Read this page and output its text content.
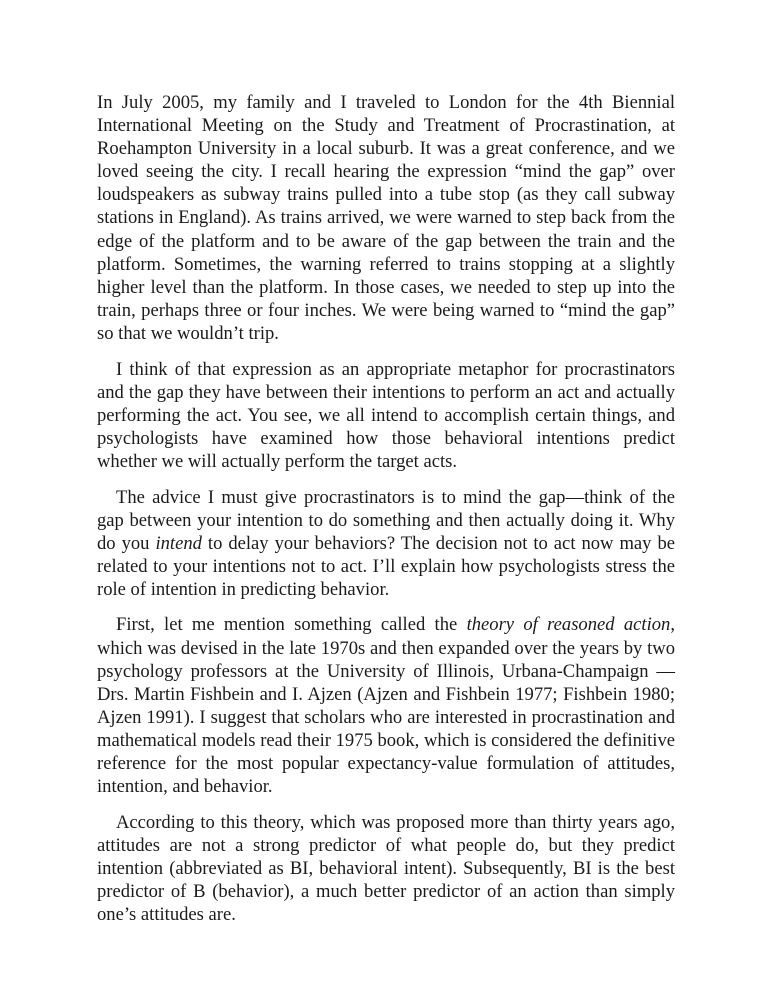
In July 2005, my family and I traveled to London for the 4th Biennial International Meeting on the Study and Treatment of Procrastination, at Roehampton University in a local suburb. It was a great conference, and we loved seeing the city. I recall hearing the expression “mind the gap” over loudspeakers as subway trains pulled into a tube stop (as they call subway stations in England). As trains arrived, we were warned to step back from the edge of the platform and to be aware of the gap between the train and the platform. Sometimes, the warning referred to trains stopping at a slightly higher level than the platform. In those cases, we needed to step up into the train, perhaps three or four inches. We were being warned to “mind the gap” so that we wouldn’t trip.

I think of that expression as an appropriate metaphor for procrastinators and the gap they have between their intentions to perform an act and actually performing the act. You see, we all intend to accomplish certain things, and psychologists have examined how those behavioral intentions predict whether we will actually perform the target acts.

The advice I must give procrastinators is to mind the gap—think of the gap between your intention to do something and then actually doing it. Why do you intend to delay your behaviors? The decision not to act now may be related to your intentions not to act. I’ll explain how psychologists stress the role of intention in predicting behavior.

First, let me mention something called the theory of reasoned action, which was devised in the late 1970s and then expanded over the years by two psychology professors at the University of Illinois, Urbana-Champaign —Drs. Martin Fishbein and I. Ajzen (Ajzen and Fishbein 1977; Fishbein 1980; Ajzen 1991). I suggest that scholars who are interested in procrastination and mathematical models read their 1975 book, which is considered the definitive reference for the most popular expectancy-value formulation of attitudes, intention, and behavior.

According to this theory, which was proposed more than thirty years ago, attitudes are not a strong predictor of what people do, but they predict intention (abbreviated as BI, behavioral intent). Subsequently, BI is the best predictor of B (behavior), a much better predictor of an action than simply one’s attitudes are.
